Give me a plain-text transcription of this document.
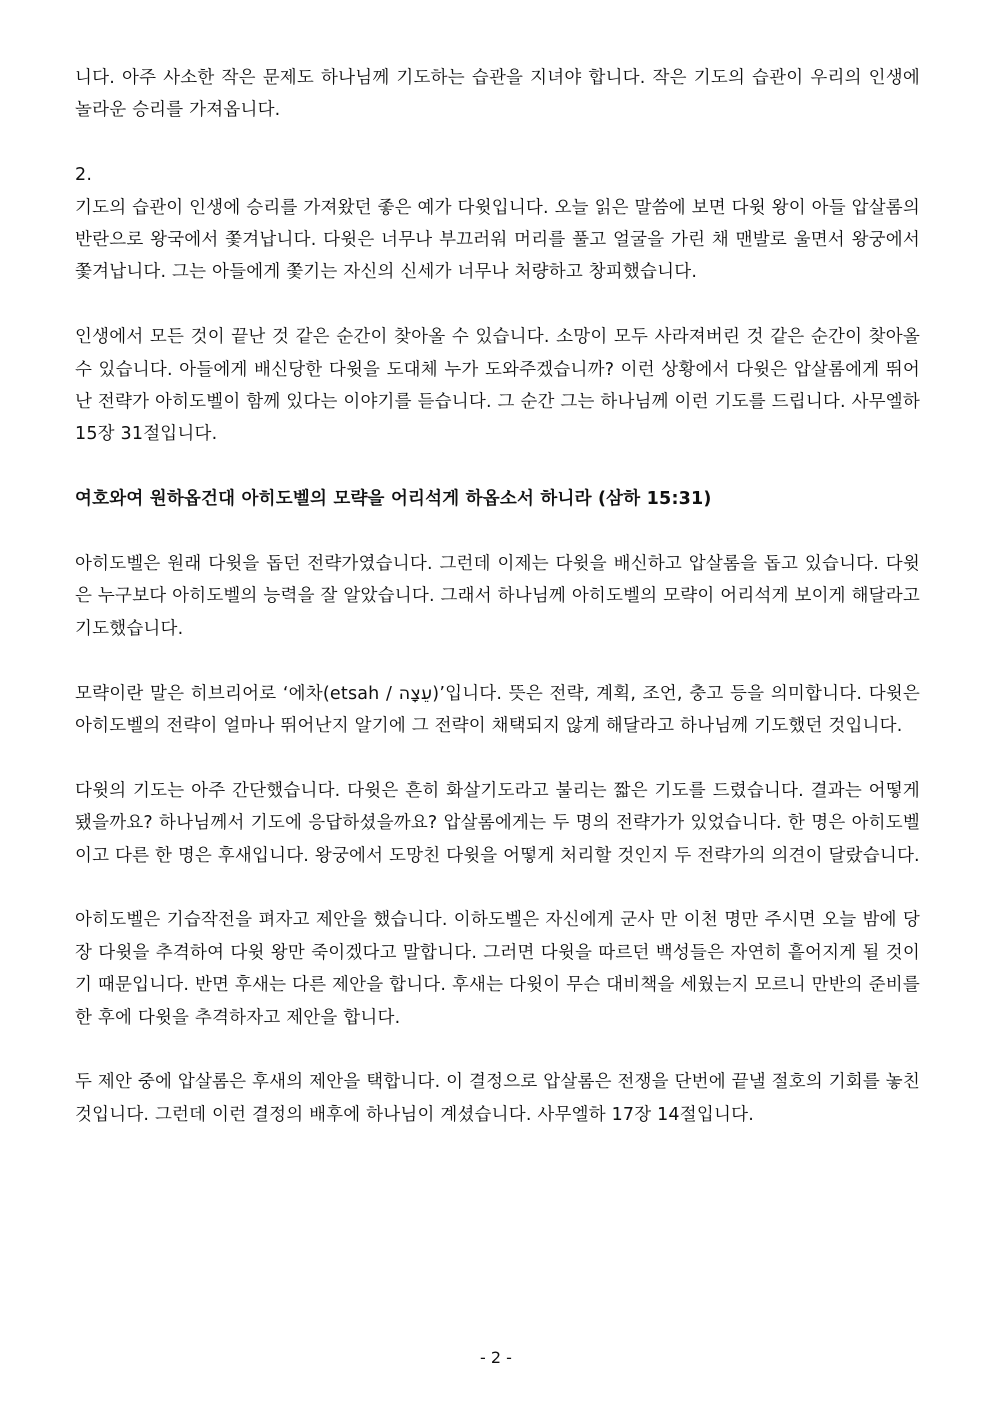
니다. 아주 사소한 작은 문제도 하나님께 기도하는 습관을 지녀야 합니다. 작은 기도의 습관이 우리의 인생에 놀라운 승리를 가져옵니다.

2.

기도의 습관이 인생에 승리를 가져왔던 좋은 예가 다윗입니다. 오늘 읽은 말씀에 보면 다윗 왕이 아들 압살롬의 반란으로 왕국에서 쫓겨납니다. 다윗은 너무나 부끄러워 머리를 풀고 얼굴을 가린 채 맨발로 울면서 왕궁에서 쫓겨납니다. 그는 아들에게 쫓기는 자신의 신세가 너무나 처량하고 창피했습니다.

인생에서 모든 것이 끝난 것 같은 순간이 찾아올 수 있습니다. 소망이 모두 사라져버린 것 같은 순간이 찾아올 수 있습니다. 아들에게 배신당한 다윗을 도대체 누가 도와주겠습니까? 이런 상황에서 다윗은 압살롬에게 뛰어난 전략가 아히도벨이 함께 있다는 이야기를 듣습니다. 그 순간 그는 하나님께 이런 기도를 드립니다. 사무엘하 15장 31절입니다.

여호와여 원하옵건대 아히도벨의 모략을 어리석게 하옵소서 하니라 (삼하 15:31)

아히도벨은 원래 다윗을 돕던 전략가였습니다. 그런데 이제는 다윗을 배신하고 압살롬을 돕고 있습니다. 다윗은 누구보다 아히도벨의 능력을 잘 알았습니다. 그래서 하나님께 아히도벨의 모략이 어리석게 보이게 해달라고 기도했습니다.

모략이란 말은 히브리어로 ‘에차(etsah / עֵצָה)’입니다. 뜻은 전략, 계획, 조언, 충고 등을 의미합니다. 다윗은 아히도벨의 전략이 얼마나 뛰어난지 알기에 그 전략이 채택되지 않게 해달라고 하나님께 기도했던 것입니다.

다윗의 기도는 아주 간단했습니다. 다윗은 흔히 화살기도라고 불리는 짧은 기도를 드렸습니다. 결과는 어떻게 됐을까요? 하나님께서 기도에 응답하셨을까요? 압살롬에게는 두 명의 전략가가 있었습니다. 한 명은 아히도벨이고 다른 한 명은 후새입니다. 왕궁에서 도망친 다윗을 어떻게 처리할 것인지 두 전략가의 의견이 달랐습니다.

아히도벨은 기습작전을 펴자고 제안을 했습니다. 이하도벨은 자신에게 군사 만 이천 명만 주시면 오늘 밤에 당장 다윗을 추격하여 다윗 왕만 죽이겠다고 말합니다. 그러면 다윗을 따르던 백성들은 자연히 흩어지게 될 것이기 때문입니다. 반면 후새는 다른 제안을 합니다. 후새는 다윗이 무슨 대비책을 세웠는지 모르니 만반의 준비를 한 후에 다윗을 추격하자고 제안을 합니다.

두 제안 중에 압살롬은 후새의 제안을 택합니다. 이 결정으로 압살롬은 전쟁을 단번에 끝낼 절호의 기회를 놓친 것입니다. 그런데 이런 결정의 배후에 하나님이 계셨습니다. 사무엘하 17장 14절입니다.

- 2 -
